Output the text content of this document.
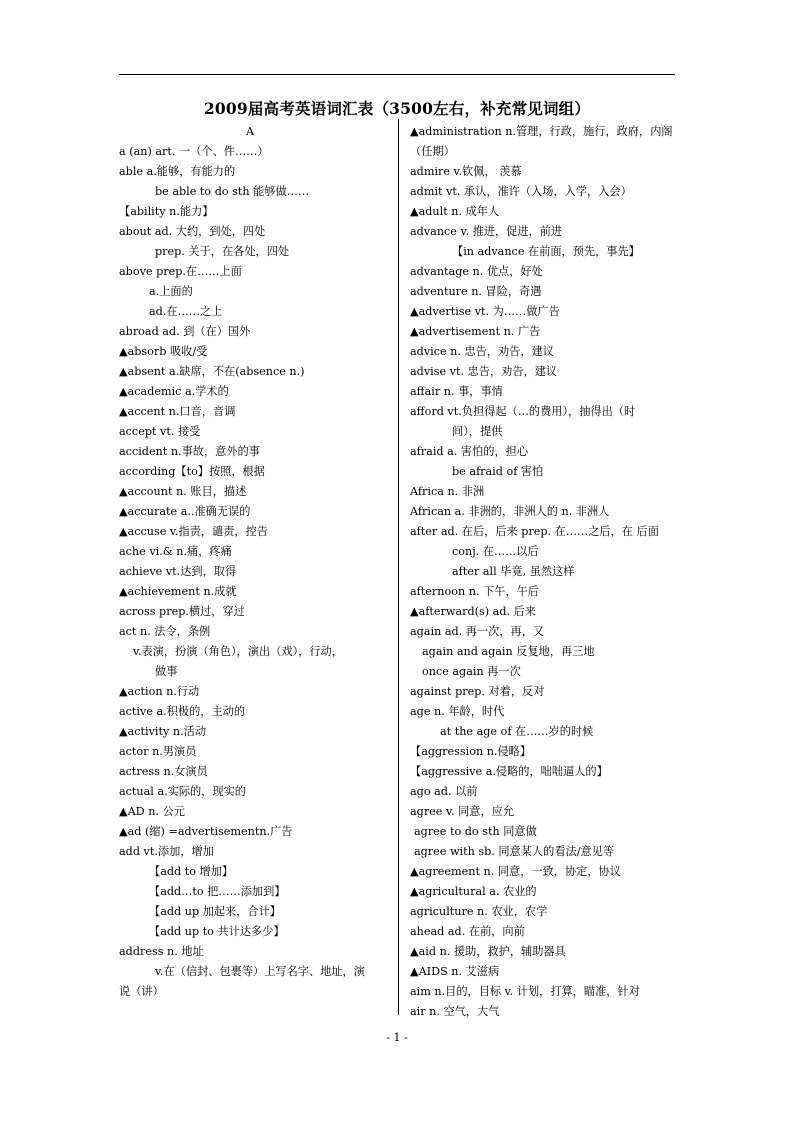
2009届高考英语词汇表（3500左右，补充常见词组）
A
a (an) art. 一（个、件……）
able a.能够，有能力的
be able to do sth 能够做……
【ability n.能力】
about ad. 大约，到处，四处
prep. 关于，在各处，四处
above prep.在……上面
a.上面的
ad.在……之上
abroad ad. 到（在）国外
▲absorb 吸收/受
▲absent a.缺席，不在(absence n.)
▲academic a.学术的
▲accent n.口音，音调
accept vt. 接受
accident n.事故，意外的事
according【to】按照，根据
▲account n. 账目，描述
▲accurate a..准确无误的
▲accuse v.指责，谴责，控告
ache vi.& n.痛，疼痛
achieve vt.达到，取得
▲achievement n.成就
across prep.横过，穿过
act n. 法令，条例
v.表演，扮演（角色），演出（戏），行动，
做事
▲action n.行动
active a.积极的，主动的
▲activity n.活动
actor n.男演员
actress n.女演员
actual a.实际的，现实的
▲AD n. 公元
▲ad (缩) =advertisementn.广告
add vt.添加，增加
【add to 增加】
【add…to 把……添加到】
【add up 加起来，合计】
【add up to 共计达多少】
address n. 地址
v.在（信封、包裹等）上写名字、地址，演
说（讲）
▲administration n.管理，行政，施行，政府，内阁
（任期）
admire v.钦佩， 羡慕
admit vt. 承认，准许（入场，入学，入会）
▲adult n. 成年人
advance v. 推进，促进，前进
【in advance 在前面，预先，事先】
advantage n. 优点，好处
adventure n. 冒险，奇遇
▲advertise vt. 为……做广告
▲advertisement n. 广告
advice n. 忠告，劝告，建议
advise vt. 忠告，劝告，建议
affair n. 事，事情
afford vt.负担得起（…的费用），抽得出（时
间），提供
afraid a. 害怕的，担心
be afraid of 害怕
Africa n. 非洲
African a. 非洲的，非洲人的 n. 非洲人
after ad. 在后，后来 prep. 在……之后，在 后面
conj. 在……以后
after all 毕竟, 虽然这样
afternoon n. 下午，午后
▲afterward(s) ad. 后来
again ad. 再一次，再，又
again and again 反复地，再三地
once again 再一次
against prep. 对着，反对
age n. 年龄，时代
at the age of 在……岁的时候
【aggression n.侵略】
【aggressive a.侵略的，咄咄逼人的】
ago ad. 以前
agree v. 同意，应允
agree to do sth 同意做
agree with sb. 同意某人的看法/意见等
▲agreement n. 同意，一致，协定，协议
▲agricultural a. 农业的
agriculture n. 农业，农学
ahead ad. 在前，向前
▲aid n. 援助，救护，辅助器具
▲AIDS n. 艾滋病
aim n.目的，目标 v. 计划，打算，瞄准，针对
air n. 空气，大气
- 1 -
